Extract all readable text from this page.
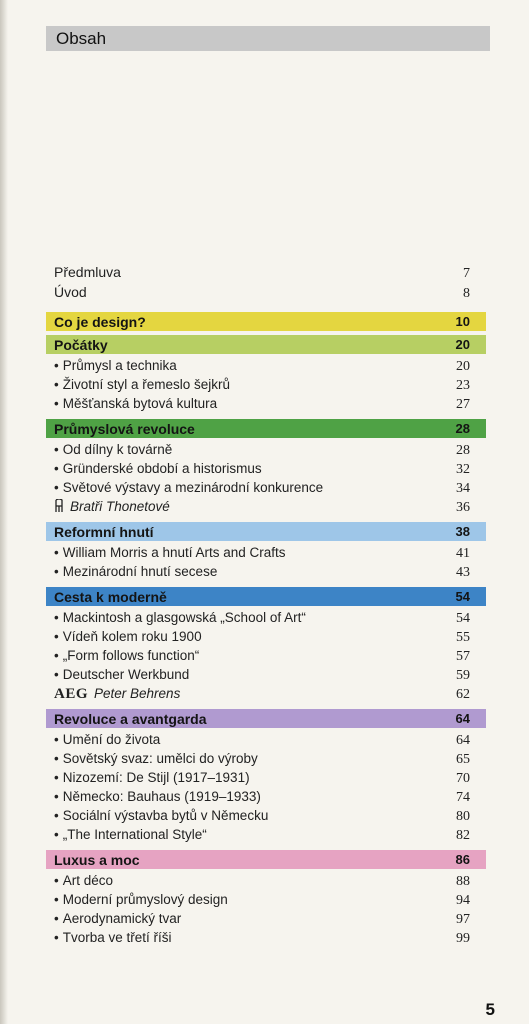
Obsah
Předmluva	7
Úvod	8
Co je design?	10
Počátky	20
• Průmysl a technika	20
• Životní styl a řemeslo šejkrů	23
• Měšťanská bytová kultura	27
Průmyslová revoluce	28
• Od dílny k továrně	28
• Gründerské období a historismus	32
• Světové výstavy a mezinárodní konkurence	34
Bratři Thonetové	36
Reformní hnutí	38
• William Morris a hnutí Arts and Crafts	41
• Mezinárodní hnutí secese	43
Cesta k moderně	54
• Mackintosh a glasgowská „School of Art“	54
• Vídeň kolem roku 1900	55
• „Form follows function“	57
• Deutscher Werkbund	59
AEG Peter Behrens	62
Revoluce a avantgarda	64
• Umění do života	64
• Sovětský svaz: umělci do výroby	65
• Nizozemí: De Stijl (1917–1931)	70
• Německo: Bauhaus (1919–1933)	74
• Sociální výstavba bytů v Německu	80
• „The International Style“	82
Luxus a moc	86
• Art déco	88
• Moderní průmyslový design	94
• Aerodynamický tvar	97
• Tvorba ve třetí říši	99
5
